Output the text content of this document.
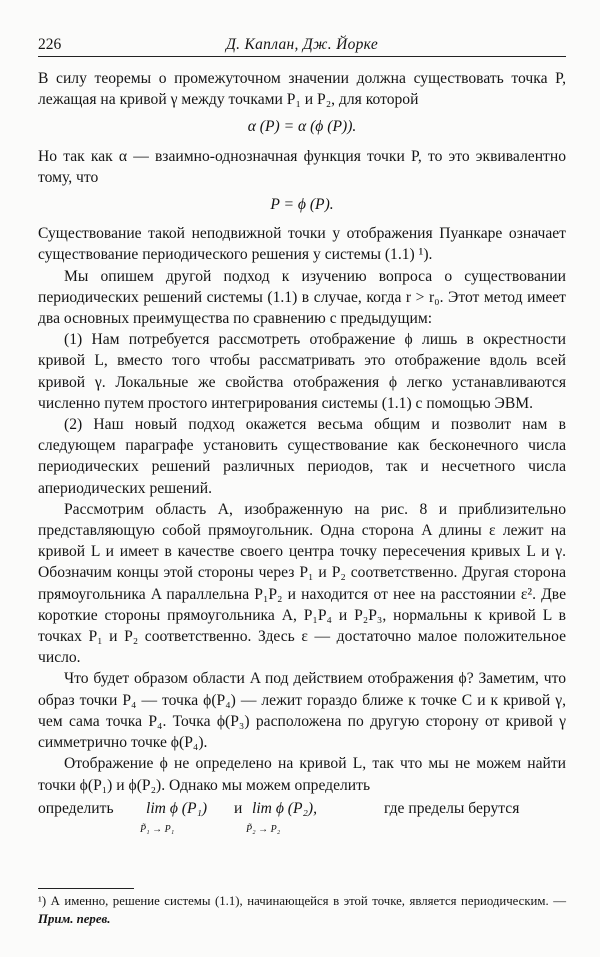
226	Д. Каплан, Дж. Йорке

В силу теоремы о промежуточном значении должна существовать точка P, лежащая на кривой γ между точками P₁ и P₂, для которой

α (P) = α (ϕ (P)).

Но так как α — взаимно-однозначная функция точки P, то это эквивалентно тому, что

P = ϕ (P).

Существование такой неподвижной точки у отображения Пуанкаре означает существование периодического решения у системы (1.1) ¹).

Мы опишем другой подход к изучению вопроса о существовании периодических решений системы (1.1) в случае, когда r > r₀. Этот метод имеет два основных преимущества по сравнению с предыдущим:

(1) Нам потребуется рассмотреть отображение ϕ лишь в окрестности кривой L, вместо того чтобы рассматривать это отображение вдоль всей кривой γ. Локальные же свойства отображения ϕ легко устанавливаются численно путем простого интегрирования системы (1.1) с помощью ЭВМ.

(2) Наш новый подход окажется весьма общим и позволит нам в следующем параграфе установить существование как бесконечного числа периодических решений различных периодов, так и несчетного числа апериодических решений.

Рассмотрим область A, изображенную на рис. 8 и приблизительно представляющую собой прямоугольник. Одна сторона A длины ε лежит на кривой L и имеет в качестве своего центра точку пересечения кривых L и γ. Обозначим концы этой стороны через P₁ и P₂ соответственно. Другая сторона прямоугольника A параллельна P₁P₂ и находится от нее на расстоянии ε². Две короткие стороны прямоугольника A, P₁P₄ и P₂P₃, нормальны к кривой L в точках P₁ и P₂ соответственно. Здесь ε — достаточно малое положительное число.

Что будет образом области A под действием отображения ϕ? Заметим, что образ точки P₄ — точка ϕ(P₄) — лежит гораздо ближе к точке C и к кривой γ, чем сама точка P₄. Точка ϕ(P₃) расположена по другую сторону от кривой γ симметрично точке ϕ(P₄).

Отображение ϕ не определено на кривой L, так что мы не можем найти точки ϕ(P₁) и ϕ(P₂). Однако мы можем определить

определить lim ϕ (P₁) и lim ϕ (P₂),	где пределы берутся
P̃₁ → P₁	P̃₂ → P₂
¹) А именно, решение системы (1.1), начинающейся в этой точке, является периодическим. — Прим. перев.
